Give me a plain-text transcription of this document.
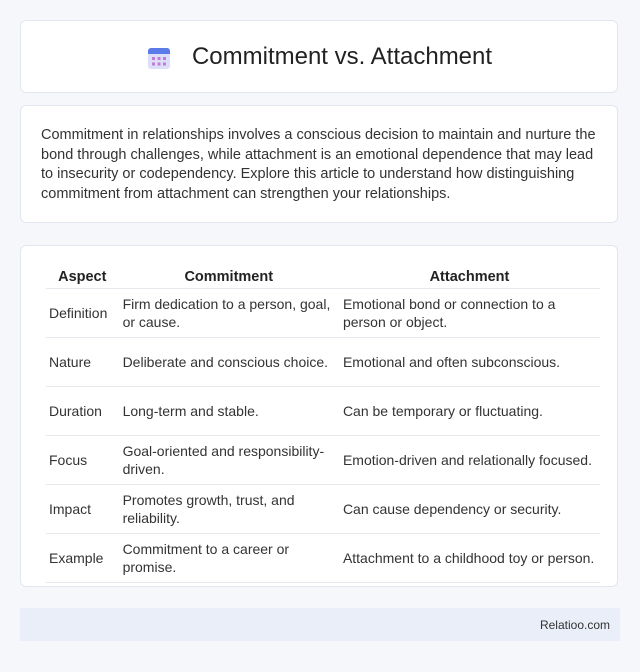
Commitment vs. Attachment

Commitment in relationships involves a conscious decision to maintain and nurture the bond through challenges, while attachment is an emotional dependence that may lead to insecurity or codependency. Explore this article to understand how distinguishing commitment from attachment can strengthen your relationships.

Aspect	Commitment	Attachment
Definition	Firm dedication to a person, goal, or cause.	Emotional bond or connection to a person or object.
Nature	Deliberate and conscious choice.	Emotional and often subconscious.
Duration	Long-term and stable.	Can be temporary or fluctuating.
Focus	Goal-oriented and responsibility-driven.	Emotion-driven and relationally focused.
Impact	Promotes growth, trust, and reliability.	Can cause dependency or security.
Example	Commitment to a career or promise.	Attachment to a childhood toy or person.
Relatioo.com
